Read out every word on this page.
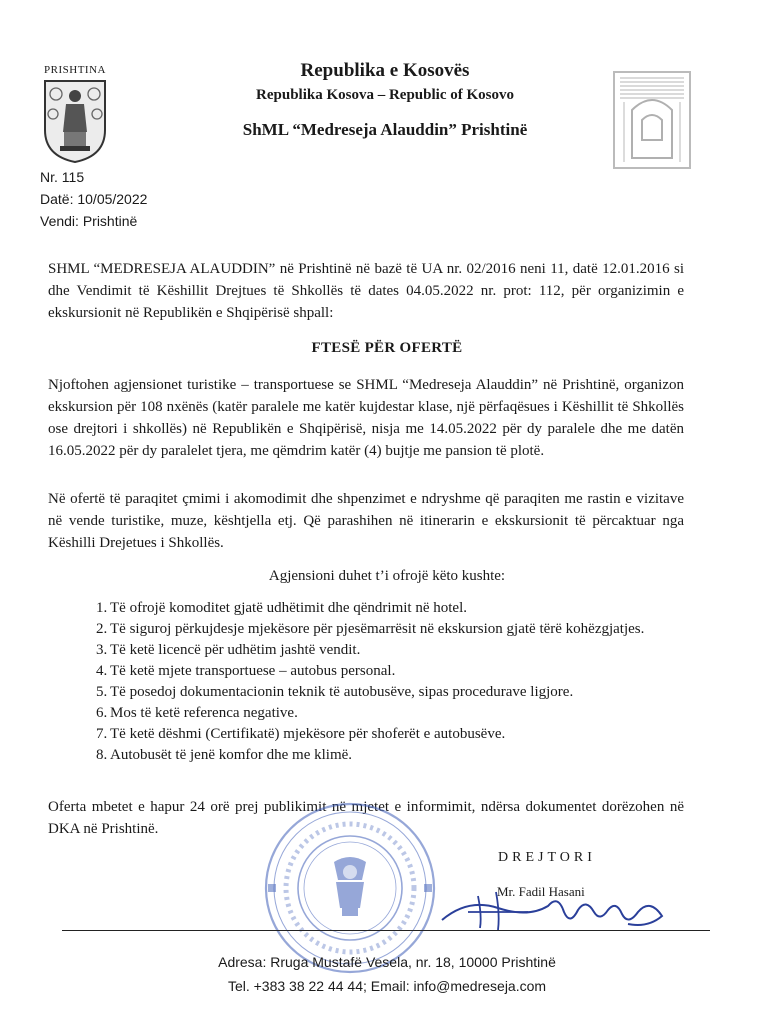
PRISHTINA	Republika e Kosovës
Republika Kosova – Republic of Kosovo
ShML “Medreseja Alauddin” Prishtinë
Nr. 115
Datë: 10/05/2022
Vendi: Prishtinë
SHML “MEDRESEJA ALAUDDIN” në Prishtinë në bazë të UA nr. 02/2016 neni 11, datë 12.01.2016 si dhe Vendimit të Këshillit Drejtues të Shkollës të dates 04.05.2022 nr. prot: 112, për organizimin e ekskursionit në Republikën e Shqipërisë shpall:
FTESË PËR OFERTË
Njoftohen agjensionet turistike – transportuese se SHML “Medreseja Alauddin” në Prishtinë, organizon ekskursion për 108 nxënës (katër paralele me katër kujdestar klase, një përfaqësues i Këshillit të Shkollës ose drejtori i shkollës) në Republikën e Shqipërisë, nisja me 14.05.2022 për dy paralele dhe me datën 16.05.2022 për dy paralelet tjera, me qëmdrim katër (4) bujtje me pansion të plotë.
Në ofertë të paraqitet çmimi i akomodimit dhe shpenzimet e ndryshme që paraqiten me rastin e vizitave në vende turistike, muze, kështjella etj. Që parashihen në itinerarin e ekskursionit të përcaktuar nga Këshilli Drejetues i Shkollës.
Agjensioni duhet t’i ofrojë këto kushte:
1. Të ofrojë komoditet gjatë udhëtimit dhe qëndrimit në hotel.
2. Të siguroj përkujdesje mjekësore për pjesëmarrësit në ekskursion gjatë tërë kohëzgjatjes.
3. Të ketë licencë për udhëtim jashtë vendit.
4. Të ketë mjete transportuese – autobus personal.
5. Të posedoj dokumentacionin teknik të autobusëve, sipas procedurave ligjore.
6. Mos të ketë referenca negative.
7. Të ketë dëshmi (Certifikatë) mjekësore për shoferët e autobusëve.
8. Autobusët të jenë komfor dhe me klimë.
Oferta mbetet e hapur 24 orë prej publikimit në mjetet e informimit, ndërsa dokumentet dorëzohen në DKA në Prishtinë.
DREJTORI
Mr. Fadil Hasani
Adresa: Rruga Mustafë Vesela, nr. 18, 10000 Prishtinë
Tel. +383 38 22 44 44; Email: info@medreseja.com
